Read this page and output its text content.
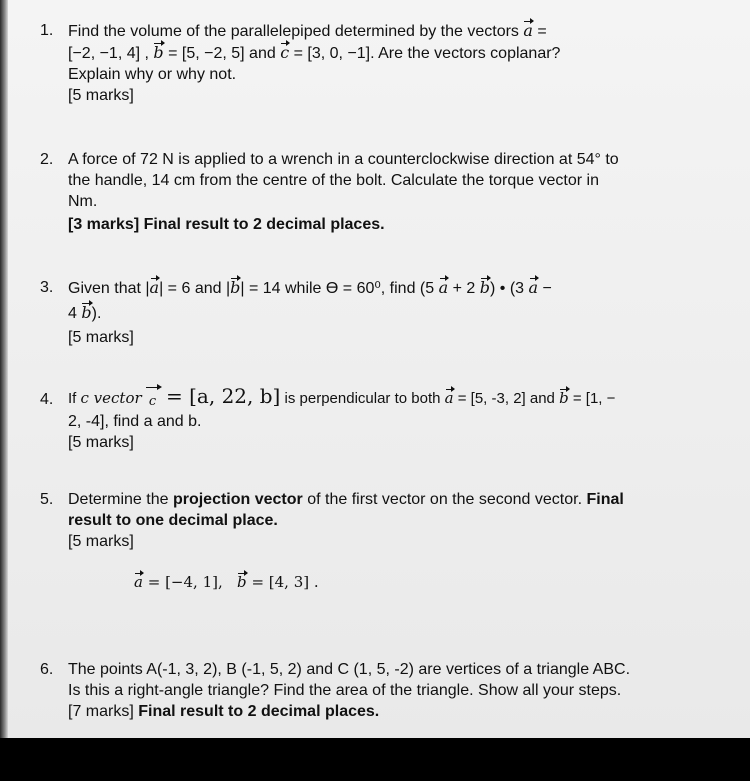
1. Find the volume of the parallelepiped determined by the vectors a =
[−2, −1, 4] , b = [5, −2, 5] and c = [3, 0, −1]. Are the vectors coplanar?
Explain why or why not.
[5 marks]
2. A force of 72 N is applied to a wrench in a counterclockwise direction at 54° to
the handle, 14 cm from the centre of the bolt. Calculate the torque vector in
Nm.
[3 marks] Final result to 2 decimal places.
3. Given that |a| = 6 and |b| = 14 while ϴ = 60⁰, find (5 a + 2 b) • (3 a −
4 b).
[5 marks]
4. If c vector c = [a, 22, b] is perpendicular to both a = [5, -3, 2] and b = [1, −
2, -4], find a and b.
[5 marks]
5. Determine the projection vector of the first vector on the second vector. Final
result to one decimal place.
[5 marks]
a = [−4, 1], b = [4, 3] .
6. The points A(-1, 3, 2), B (-1, 5, 2) and C (1, 5, -2) are vertices of a triangle ABC.
Is this a right-angle triangle? Find the area of the triangle. Show all your steps.
[7 marks] Final result to 2 decimal places.
